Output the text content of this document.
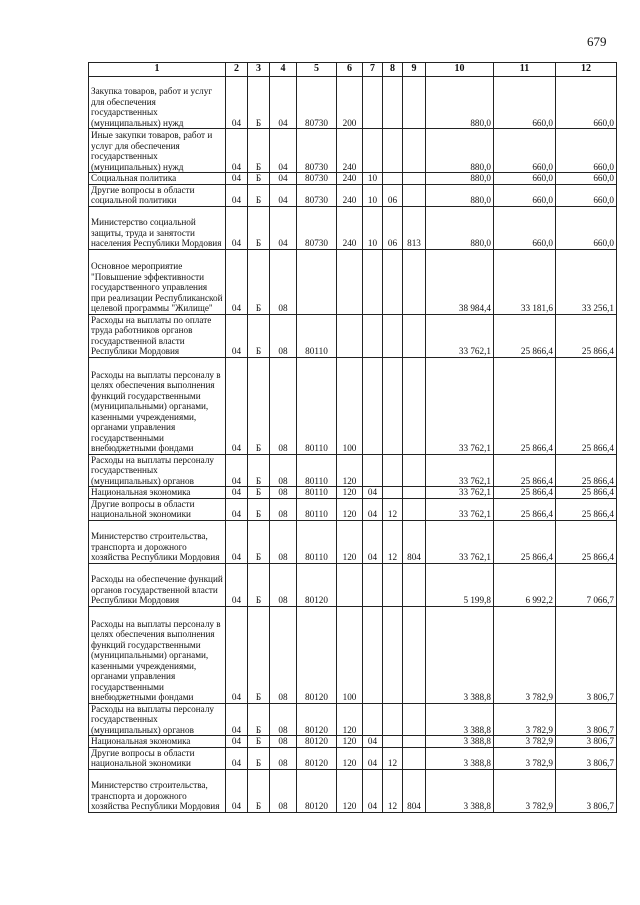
679
1	2	3	4	5	6	7	8	9	10	11	12
Закупка товаров, работ и услуг для обеспечения государственных (муниципальных) нужд	04	Б	04	80730	200				880,0	660,0	660,0
Иные закупки товаров, работ и услуг для обеспечения государственных (муниципальных) нужд	04	Б	04	80730	240				880,0	660,0	660,0
Социальная политика	04	Б	04	80730	240	10			880,0	660,0	660,0
Другие вопросы в области социальной политики	04	Б	04	80730	240	10	06		880,0	660,0	660,0
Министерство социальной защиты, труда и занятости населения Республики Мордовия	04	Б	04	80730	240	10	06	813	880,0	660,0	660,0
Основное мероприятие "Повышение эффективности государственного управления при реализации Республиканской целевой программы "Жилище"	04	Б	08						38 984,4	33 181,6	33 256,1
Расходы на выплаты по оплате труда работников органов государственной власти Республики Мордовия	04	Б	08	80110					33 762,1	25 866,4	25 866,4
Расходы на выплаты персоналу в целях обеспечения выполнения функций государственными (муниципальными) органами, казенными учреждениями, органами управления государственными внебюджетными фондами	04	Б	08	80110	100				33 762,1	25 866,4	25 866,4
Расходы на выплаты персоналу государственных (муниципальных) органов	04	Б	08	80110	120				33 762,1	25 866,4	25 866,4
Национальная экономика	04	Б	08	80110	120	04			33 762,1	25 866,4	25 866,4
Другие вопросы в области национальной экономики	04	Б	08	80110	120	04	12		33 762,1	25 866,4	25 866,4
Министерство строительства, транспорта и дорожного хозяйства Республики Мордовия	04	Б	08	80110	120	04	12	804	33 762,1	25 866,4	25 866,4
Расходы на обеспечение функций органов государственной власти Республики Мордовия	04	Б	08	80120					5 199,8	6 992,2	7 066,7
Расходы на выплаты персоналу в целях обеспечения выполнения функций государственными (муниципальными) органами, казенными учреждениями, органами управления государственными внебюджетными фондами	04	Б	08	80120	100				3 388,8	3 782,9	3 806,7
Расходы на выплаты персоналу государственных (муниципальных) органов	04	Б	08	80120	120				3 388,8	3 782,9	3 806,7
Национальная экономика	04	Б	08	80120	120	04			3 388,8	3 782,9	3 806,7
Другие вопросы в области национальной экономики	04	Б	08	80120	120	04	12		3 388,8	3 782,9	3 806,7
Министерство строительства, транспорта и дорожного хозяйства Республики Мордовия	04	Б	08	80120	120	04	12	804	3 388,8	3 782,9	3 806,7
